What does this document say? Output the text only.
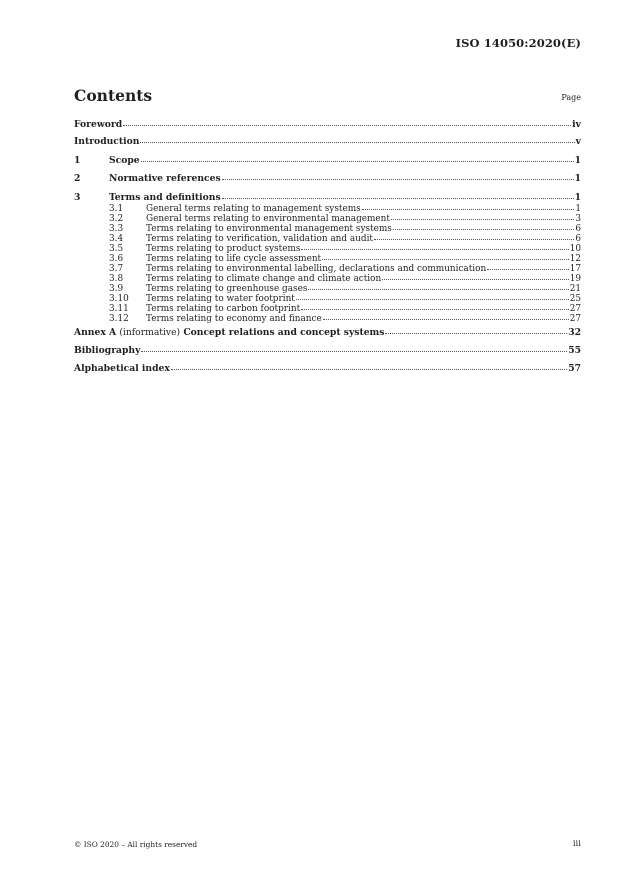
ISO 14050:2020(E)
Contents	Page
Foreword	iv
Introduction	v
1	Scope	1
2	Normative references	1
3	Terms and definitions	1
3.1	General terms relating to management systems	1
3.2	General terms relating to environmental management	3
3.3	Terms relating to environmental management systems	6
3.4	Terms relating to verification, validation and audit	6
3.5	Terms relating to product systems	10
3.6	Terms relating to life cycle assessment	12
3.7	Terms relating to environmental labelling, declarations and communication	17
3.8	Terms relating to climate change and climate action	19
3.9	Terms relating to greenhouse gases	21
3.10	Terms relating to water footprint	25
3.11	Terms relating to carbon footprint	27
3.12	Terms relating to economy and finance	27
Annex A (informative) Concept relations and concept systems	32
Bibliography	55
Alphabetical index	57
© ISO 2020 – All rights reserved	iii
